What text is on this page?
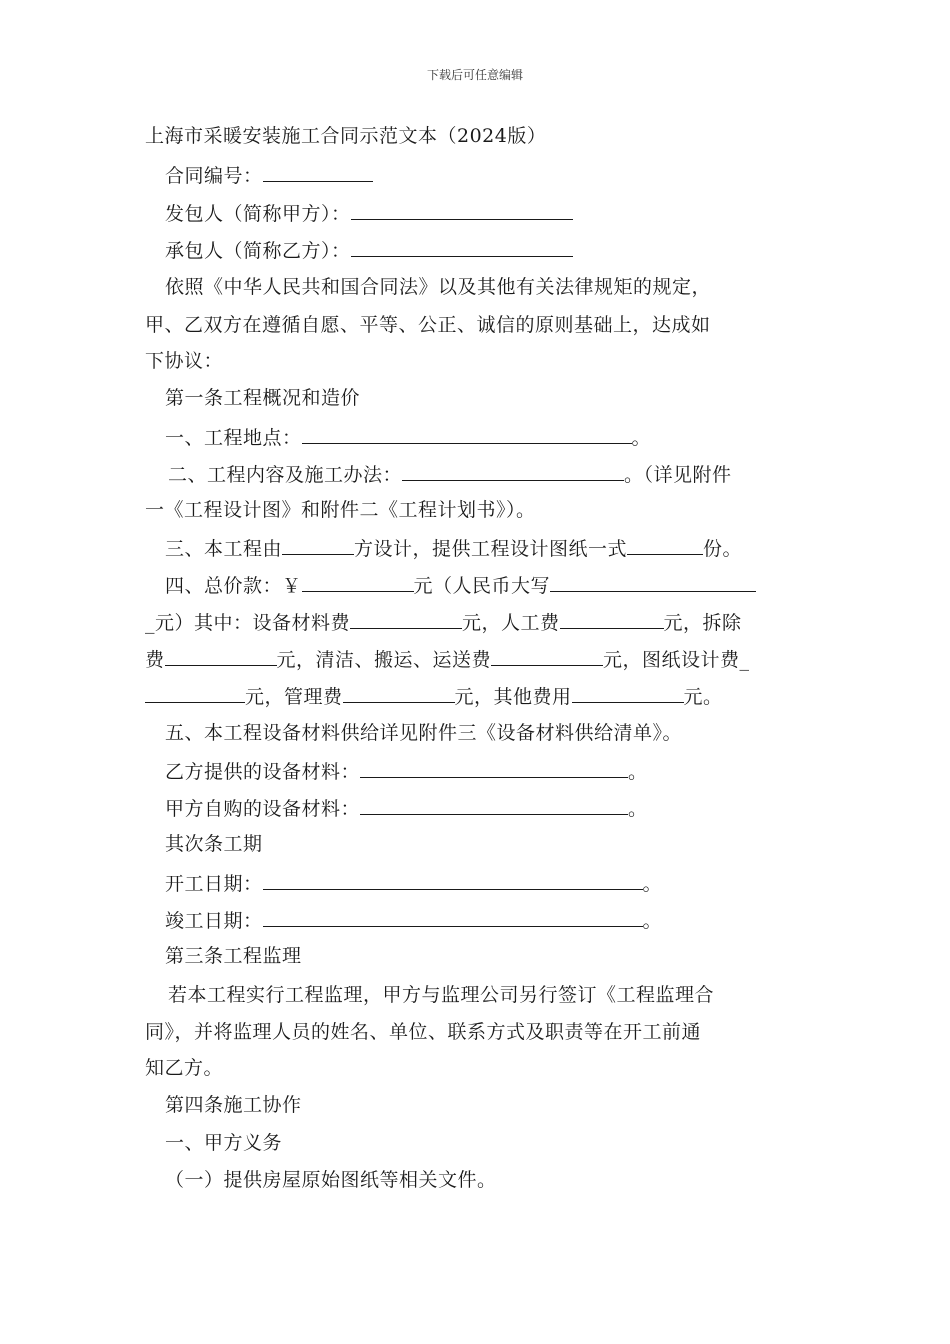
下载后可任意编辑
上海市采暖安装施工合同示范文本（2024版）
合同编号：
发包人（简称甲方）：
承包人（简称乙方）：
依照《中华人民共和国合同法》以及其他有关法律规矩的规定，
甲、乙双方在遵循自愿、平等、公正、诚信的原则基础上，达成如
下协议：
第一条工程概况和造价
一、工程地点：	。
二、工程内容及施工办法：	。（详见附件
一《工程设计图》和附件二《工程计划书》）。
三、本工程由	方设计，提供工程设计图纸一式	份。
四、总价款：￥	元（人民币大写
_元）其中：设备材料费	元，人工费	元，拆除
费	元，清洁、搬运、运送费	元，图纸设计费_
元，管理费	元，其他费用	元。
五、本工程设备材料供给详见附件三《设备材料供给清单》。
乙方提供的设备材料：	。
甲方自购的设备材料：	。
其次条工期
开工日期：	。
竣工日期：	。
第三条工程监理
若本工程实行工程监理，甲方与监理公司另行签订《工程监理合
同》，并将监理人员的姓名、单位、联系方式及职责等在开工前通
知乙方。
第四条施工协作
一、甲方义务
（一）提供房屋原始图纸等相关文件。
